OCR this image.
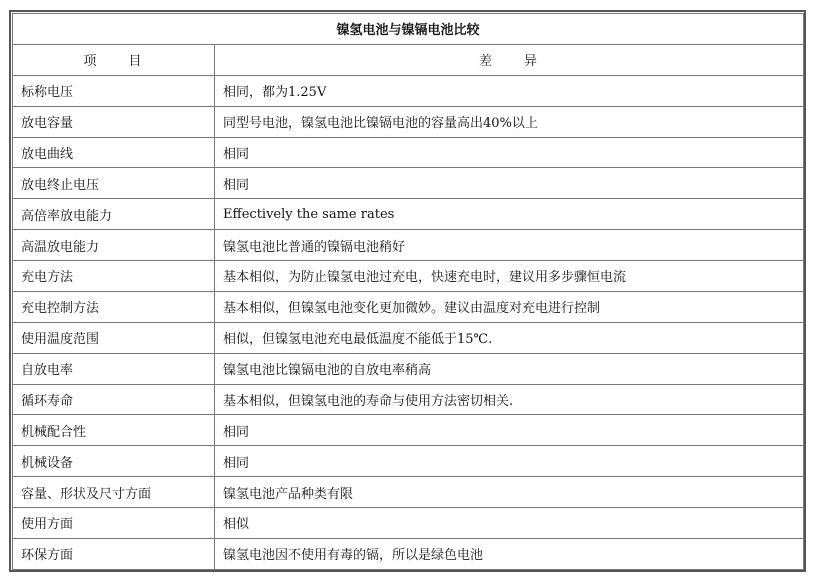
镍氢电池与镍镉电池比较	
项　　目	差　　异
标称电压	相同，都为1.25V
放电容量	同型号电池，镍氢电池比镍镉电池的容量高出40%以上
放电曲线	相同
放电终止电压	相同
高倍率放电能力	Effectively the same rates
高温放电能力	镍氢电池比普通的镍镉电池稍好
充电方法	基本相似，为防止镍氢电池过充电，快速充电时，建议用多步骤恒电流
充电控制方法	基本相似，但镍氢电池变化更加微妙。建议由温度对充电进行控制
使用温度范围	相似，但镍氢电池充电最低温度不能低于15℃.
自放电率	镍氢电池比镍镉电池的自放电率稍高
循环寿命	基本相似，但镍氢电池的寿命与使用方法密切相关.
机械配合性	相同
机械设备	相同
容量、形状及尺寸方面	镍氢电池产品种类有限
使用方面	相似
环保方面	镍氢电池因不使用有毒的镉，所以是绿色电池
